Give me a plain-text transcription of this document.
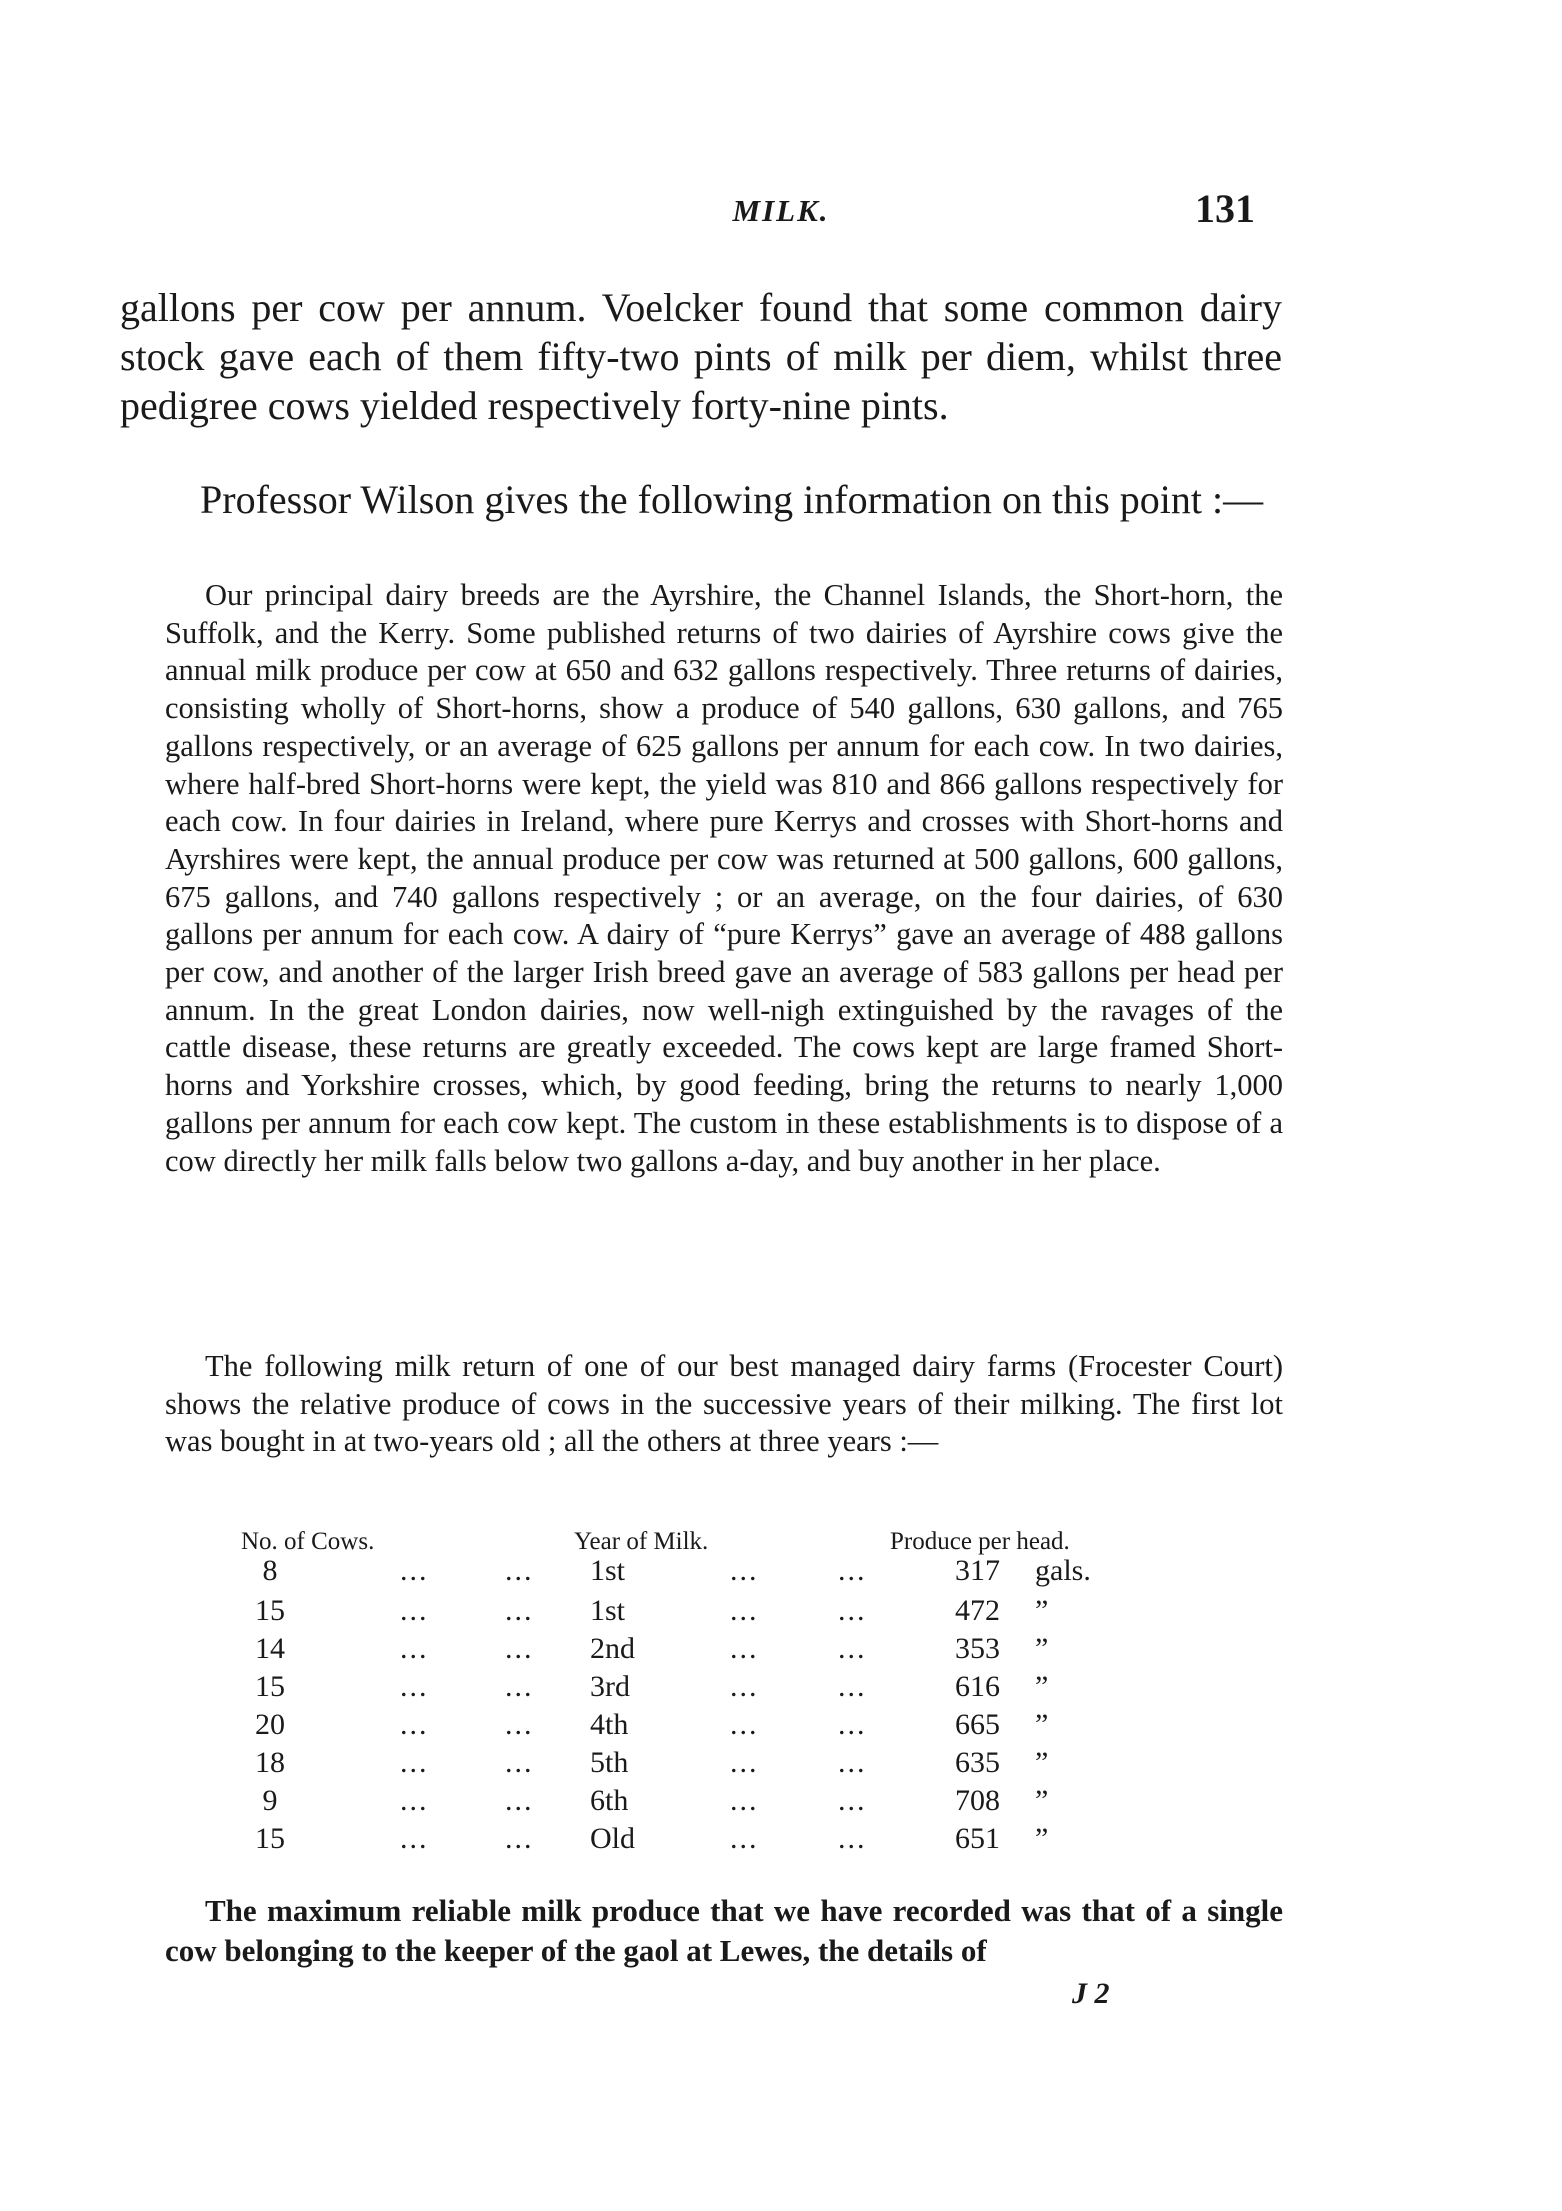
MILK.	131

gallons per cow per annum. Voelcker found that some common dairy stock gave each of them fifty-two pints of milk per diem, whilst three pedigree cows yielded respectively forty-nine pints.

Professor Wilson gives the following information on this point :—

Our principal dairy breeds are the Ayrshire, the Channel Islands, the Short-horn, the Suffolk, and the Kerry. Some published returns of two dairies of Ayrshire cows give the annual milk produce per cow at 650 and 632 gallons respectively. Three returns of dairies, consisting wholly of Short-horns, show a produce of 540 gallons, 630 gallons, and 765 gallons respectively, or an average of 625 gallons per annum for each cow. In two dairies, where half-bred Short-horns were kept, the yield was 810 and 866 gallons respectively for each cow. In four dairies in Ireland, where pure Kerrys and crosses with Short-horns and Ayrshires were kept, the annual produce per cow was returned at 500 gallons, 600 gallons, 675 gallons, and 740 gallons respectively ; or an average, on the four dairies, of 630 gallons per annum for each cow. A dairy of “pure Kerrys” gave an average of 488 gallons per cow, and another of the larger Irish breed gave an average of 583 gallons per head per annum. In the great London dairies, now well-nigh extinguished by the ravages of the cattle disease, these returns are greatly exceeded. The cows kept are large framed Short-horns and Yorkshire crosses, which, by good feeding, bring the returns to nearly 1,000 gallons per annum for each cow kept. The custom in these establishments is to dispose of a cow directly her milk falls below two gallons a-day, and buy another in her place.

The following milk return of one of our best managed dairy farms (Frocester Court) shows the relative produce of cows in the successive years of their milking. The first lot was bought in at two-years old ; all the others at three years :—

No. of Cows.	Year of Milk.	Produce per head.
8	...	... 1st	...	...	317 gals.
15	...	... 1st	...	...	472 ”
14	...	... 2nd	...	...	353 ”
15	...	... 3rd	...	...	616 ”
20	...	... 4th	...	...	665 ”
18	...	... 5th	...	...	635 ”
9	...	... 6th	...	...	708 ”
15	...	... Old	...	...	651 ”

The maximum reliable milk produce that we have recorded was that of a single cow belonging to the keeper of the gaol at Lewes, the details of

J 2
